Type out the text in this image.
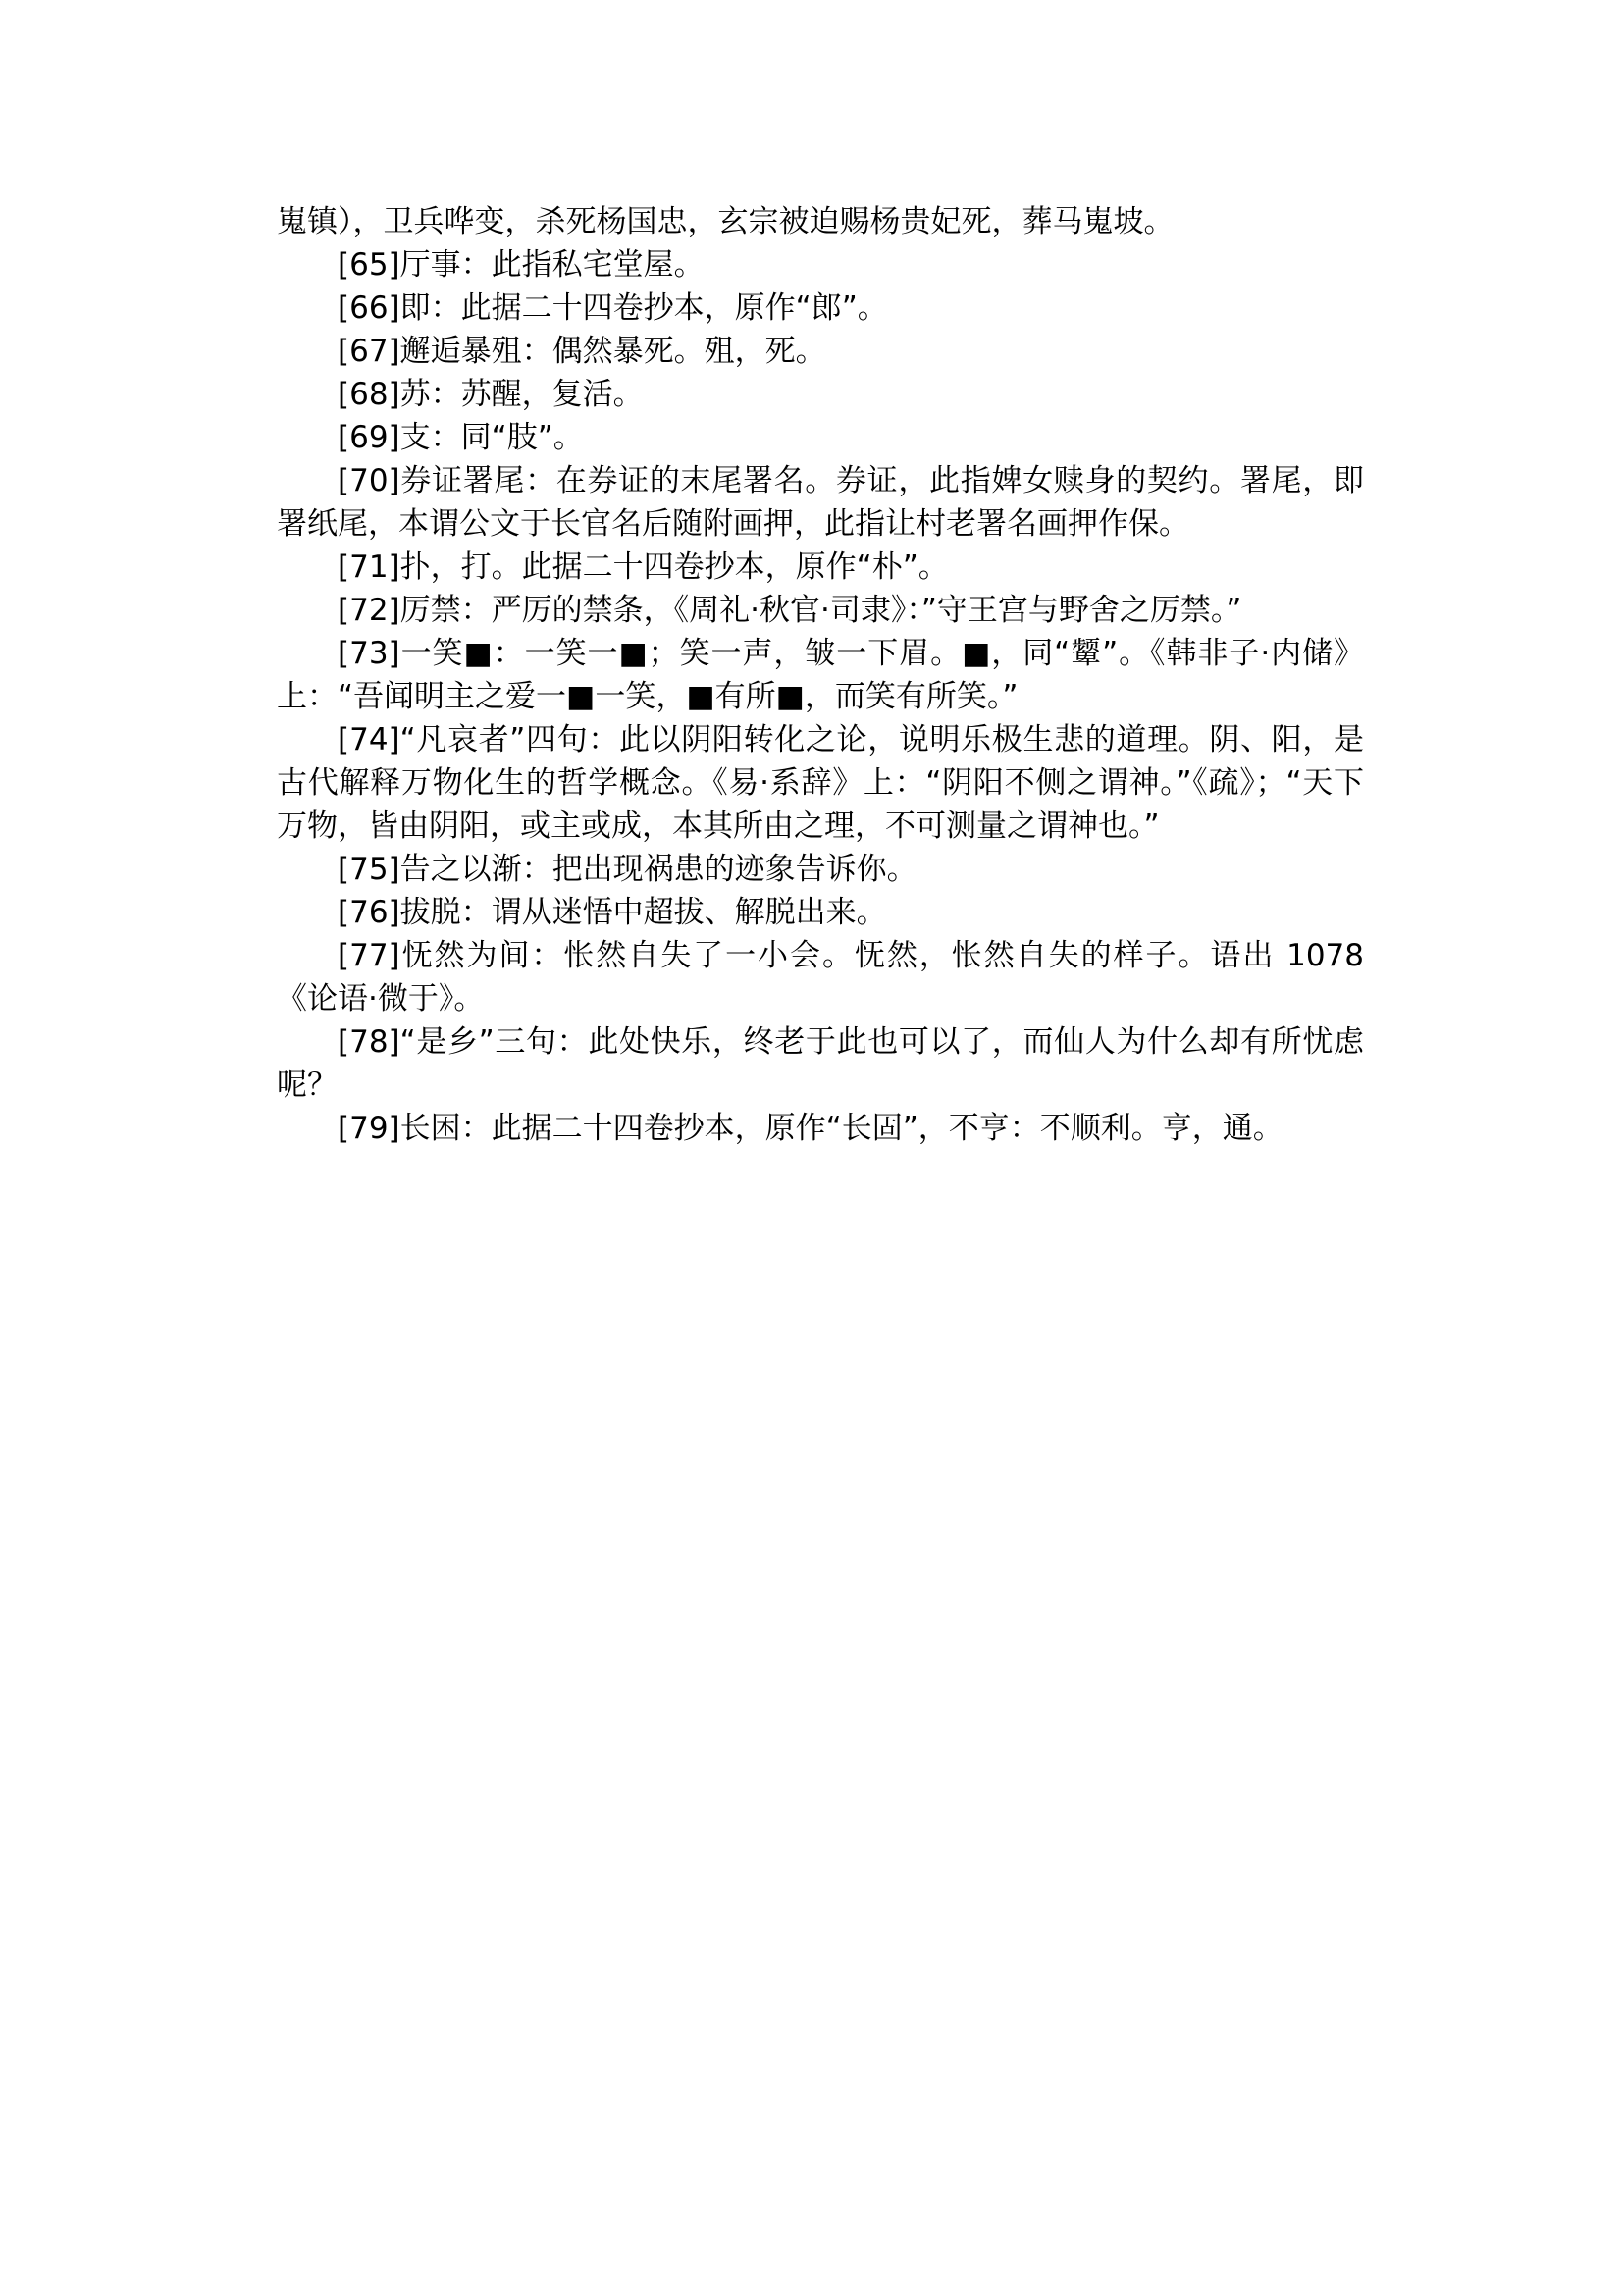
嵬镇），卫兵哗变，杀死杨国忠，玄宗被迫赐杨贵妃死，葬马嵬坡。

[65]厅事：此指私宅堂屋。

[66]即：此据二十四卷抄本，原作“郎”。

[67]邂逅暴殂：偶然暴死。殂，死。

[68]苏：苏醒，复活。

[69]支：同“肢”。

[70]券证署尾：在券证的末尾署名。券证，此指婢女赎身的契约。署尾，即署纸尾，本谓公文于长官名后随附画押，此指让村老署名画押作保。

[71]扑，打。此据二十四卷抄本，原作“朴”。

[72]厉禁：严厉的禁条，《周礼·秋官·司隶》：”守王宫与野舍之厉禁。”

[73]一笑■：一笑一■；笑一声，皱一下眉。■，同“颦”。《韩非子·内储》上：“吾闻明主之爱一■一笑，■有所■，而笑有所笑。”

[74]“凡哀者”四句：此以阴阳转化之论，说明乐极生悲的道理。阴、阳，是古代解释万物化生的哲学概念。《易·系辞》上：“阴阳不侧之谓神。”《疏》；“天下万物，皆由阴阳，或主或成，本其所由之理，不可测量之谓神也。”

[75]告之以渐：把出现祸患的迹象告诉你。

[76]拔脱：谓从迷悟中超拔、解脱出来。

[77]怃然为间：怅然自失了一小会。怃然，怅然自失的样子。语出 1078《论语·微于》。

[78]“是乡”三句：此处快乐，终老于此也可以了，而仙人为什么却有所忧虑呢？

[79]长困：此据二十四卷抄本，原作“长固”，不亨：不顺利。亨，通。
